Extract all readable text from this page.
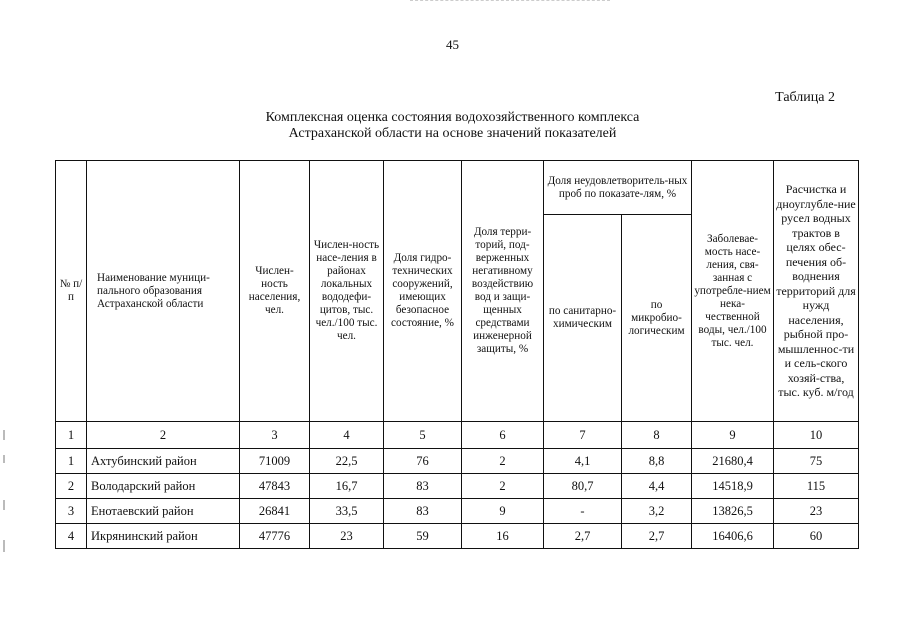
45
Таблица 2
Комплексная оценка состояния водохозяйственного комплекса
Астраханской области на основе значений показателей
№ п/п	Наименование муници-пального образования Астраханской области	Числен-ность населения, чел.	Числен-ность насе-ления в районах локальных вододефи-цитов, тыс. чел./100 тыс. чел.	Доля гидро-технических сооружений, имеющих безопасное состояние, %	Доля терри-торий, под-верженных негативному воздействию вод и защи-щенных средствами инженерной защиты, %	Доля неудовлетворитель-ных проб по показате-лям, %		Заболевае-мость насе-ления, свя-занная с употребле-нием нека-чественной воды, чел./100 тыс. чел.	Расчистка и дноуглубле-ние русел водных трактов в целях обес-печения об-воднения территорий для нужд населения, рыбной про-мышленнос-ти и сель-ского хозяй-ства, тыс. куб. м/год
						по санитарно-химическим	по микробио-логическим		
1	2	3	4	5	6	7	8	9	10
1	Ахтубинский район	71009	22,5	76	2	4,1	8,8	21680,4	75
2	Володарский район	47843	16,7	83	2	80,7	4,4	14518,9	115
3	Енотаевский район	26841	33,5	83	9	-	3,2	13826,5	23
4	Икрянинский район	47776	23	59	16	2,7	2,7	16406,6	60
